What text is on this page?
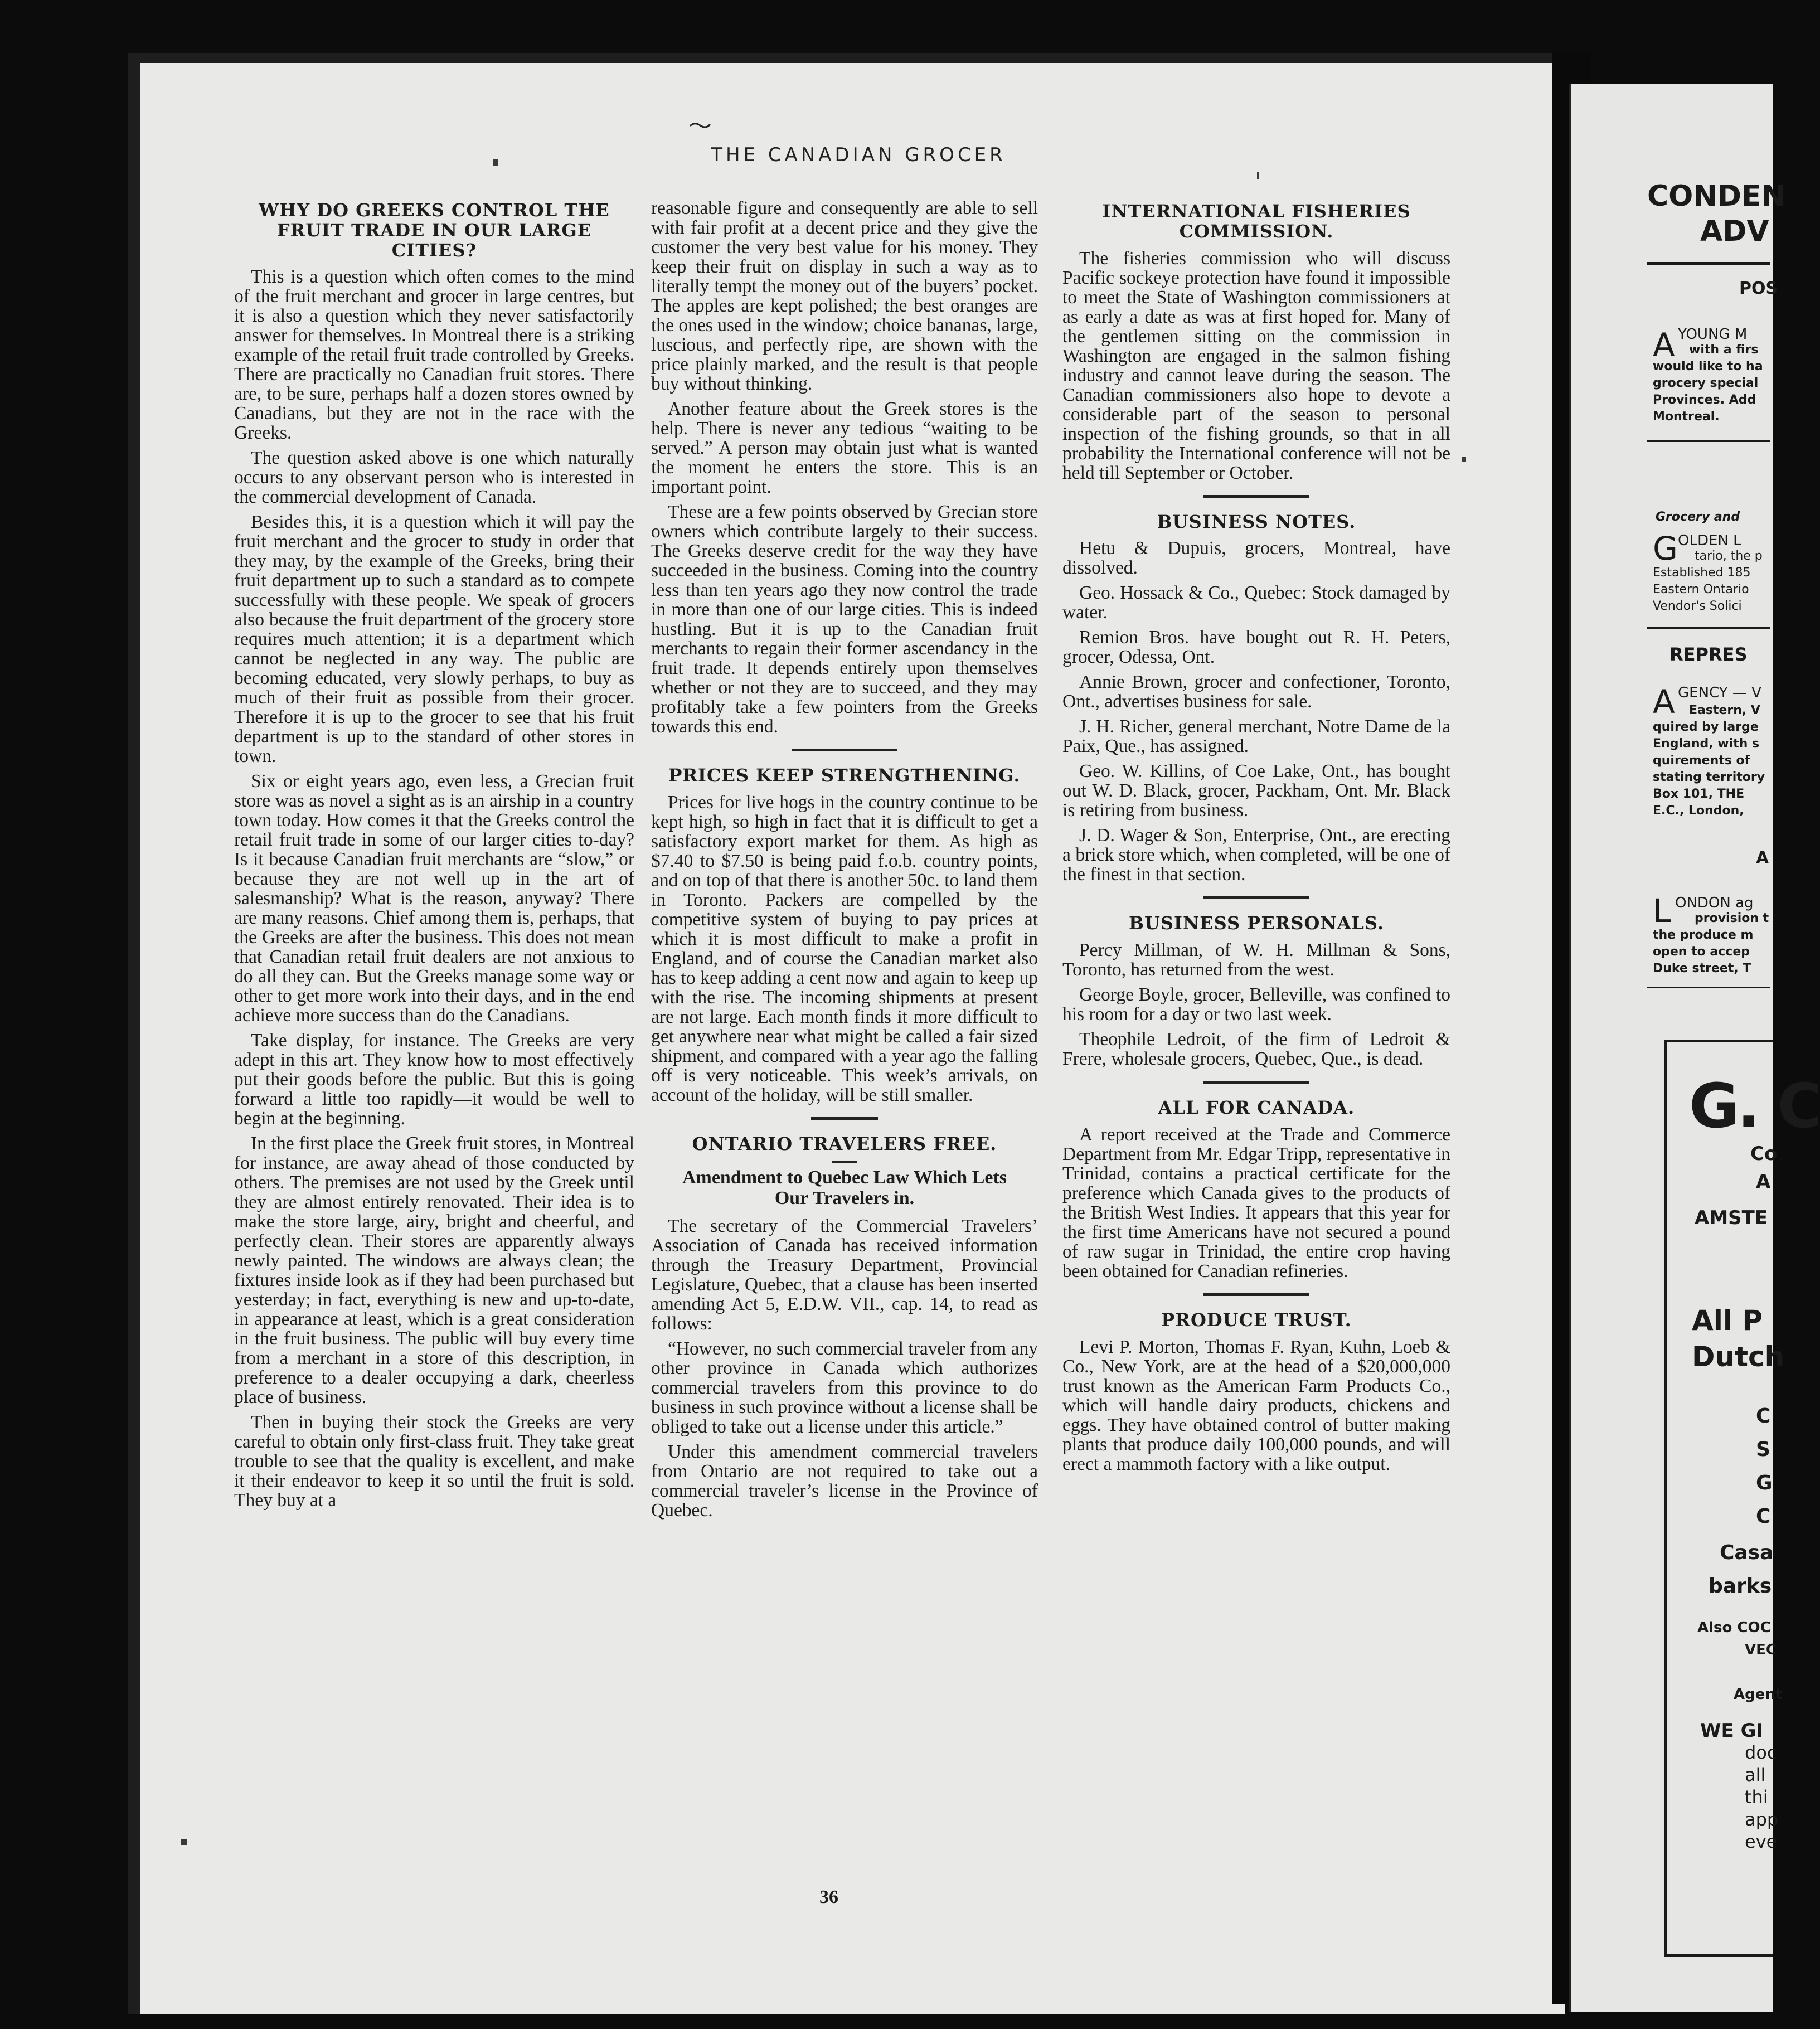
THE CANADIAN GROCER
WHY DO GREEKS CONTROL THE FRUIT TRADE IN OUR LARGE CITIES?

This is a question which often comes to the mind of the fruit merchant and grocer in large centres, but it is also a question which they never satisfactorily answer for themselves. In Montreal there is a striking example of the retail fruit trade controlled by Greeks. There are practically no Canadian fruit stores. There are, to be sure, perhaps half a dozen stores owned by Canadians, but they are not in the race with the Greeks.

The question asked above is one which naturally occurs to any observant person who is interested in the commercial development of Canada.

Besides this, it is a question which it will pay the fruit merchant and the grocer to study in order that they may, by the example of the Greeks, bring their fruit department up to such a standard as to compete successfully with these people. We speak of grocers also because the fruit department of the grocery store requires much attention; it is a department which cannot be neglected in any way. The public are becoming educated, very slowly perhaps, to buy as much of their fruit as possible from their grocer. Therefore it is up to the grocer to see that his fruit department is up to the standard of other stores in town.

Six or eight years ago, even less, a Grecian fruit store was as novel a sight as is an airship in a country town today. How comes it that the Greeks control the retail fruit trade in some of our larger cities to-day? Is it because Canadian fruit merchants are “slow,” or because they are not well up in the art of salesmanship? What is the reason, anyway? There are many reasons. Chief among them is, perhaps, that the Greeks are after the business. This does not mean that Canadian retail fruit dealers are not anxious to do all they can. But the Greeks manage some way or other to get more work into their days, and in the end achieve more success than do the Canadians.

Take display, for instance. The Greeks are very adept in this art. They know how to most effectively put their goods before the public. But this is going forward a little too rapidly—it would be well to begin at the beginning.

In the first place the Greek fruit stores, in Montreal for instance, are away ahead of those conducted by others. The premises are not used by the Greek until they are almost entirely renovated. Their idea is to make the store large, airy, bright and cheerful, and perfectly clean. Their stores are apparently always newly painted. The windows are always clean; the fixtures inside look as if they had been purchased but yesterday; in fact, everything is new and up-to-date, in appearance at least, which is a great consideration in the fruit business. The public will buy every time from a merchant in a store of this description, in preference to a dealer occupying a dark, cheerless place of business.

Then in buying their stock the Greeks are very careful to obtain only first-class fruit. They take great trouble to see that the quality is excellent, and make it their endeavor to keep it so until the fruit is sold. They buy at a

reasonable figure and consequently are able to sell with fair profit at a decent price and they give the customer the very best value for his money. They keep their fruit on display in such a way as to literally tempt the money out of the buyers’ pocket. The apples are kept polished; the best oranges are the ones used in the window; choice bananas, large, luscious, and perfectly ripe, are shown with the price plainly marked, and the result is that people buy without thinking.

Another feature about the Greek stores is the help. There is never any tedious “waiting to be served.” A person may obtain just what is wanted the moment he enters the store. This is an important point.

These are a few points observed by Grecian store owners which contribute largely to their success. The Greeks deserve credit for the way they have succeeded in the business. Coming into the country less than ten years ago they now control the trade in more than one of our large cities. This is indeed hustling. But it is up to the Canadian fruit merchants to regain their former ascendancy in the fruit trade. It depends entirely upon themselves whether or not they are to succeed, and they may profitably take a few pointers from the Greeks towards this end.

PRICES KEEP STRENGTHENING.

Prices for live hogs in the country continue to be kept high, so high in fact that it is difficult to get a satisfactory export market for them. As high as $7.40 to $7.50 is being paid f.o.b. country points, and on top of that there is another 50c. to land them in Toronto. Packers are compelled by the competitive system of buying to pay prices at which it is most difficult to make a profit in England, and of course the Canadian market also has to keep adding a cent now and again to keep up with the rise. The incoming shipments at present are not large. Each month finds it more difficult to get anywhere near what might be called a fair sized shipment, and compared with a year ago the falling off is very noticeable. This week’s arrivals, on account of the holiday, will be still smaller.

ONTARIO TRAVELERS FREE.
Amendment to Quebec Law Which Lets Our Travelers in.

The secretary of the Commercial Travelers’ Association of Canada has received information through the Treasury Department, Provincial Legislature, Quebec, that a clause has been inserted amending Act 5, E.D.W. VII., cap. 14, to read as follows:

“However, no such commercial traveler from any other province in Canada which authorizes commercial travelers from this province to do business in such province without a license shall be obliged to take out a license under this article.”

Under this amendment commercial travelers from Ontario are not required to take out a commercial traveler’s license in the Province of Quebec.

INTERNATIONAL FISHERIES COMMISSION.

The fisheries commission who will discuss Pacific sockeye protection have found it impossible to meet the State of Washington commissioners at as early a date as was at first hoped for. Many of the gentlemen sitting on the commission in Washington are engaged in the salmon fishing industry and cannot leave during the season. The Canadian commissioners also hope to devote a considerable part of the season to personal inspection of the fishing grounds, so that in all probability the International conference will not be held till September or October.

BUSINESS NOTES.

Hetu & Dupuis, grocers, Montreal, have dissolved.

Geo. Hossack & Co., Quebec: Stock damaged by water.

Remion Bros. have bought out R. H. Peters, grocer, Odessa, Ont.

Annie Brown, grocer and confectioner, Toronto, Ont., advertises business for sale.

J. H. Richer, general merchant, Notre Dame de la Paix, Que., has assigned.

Geo. W. Killins, of Coe Lake, Ont., has bought out W. D. Black, grocer, Packham, Ont. Mr. Black is retiring from business.

J. D. Wager & Son, Enterprise, Ont., are erecting a brick store which, when completed, will be one of the finest in that section.

BUSINESS PERSONALS.

Percy Millman, of W. H. Millman & Sons, Toronto, has returned from the west.

George Boyle, grocer, Belleville, was confined to his room for a day or two last week.

Theophile Ledroit, of the firm of Ledroit & Frere, wholesale grocers, Quebec, Que., is dead.

ALL FOR CANADA.

A report received at the Trade and Commerce Department from Mr. Edgar Tripp, representative in Trinidad, contains a practical certificate for the preference which Canada gives to the products of the British West Indies. It appears that this year for the first time Americans have not secured a pound of raw sugar in Trinidad, the entire crop having been obtained for Canadian refineries.

PRODUCE TRUST.

Levi P. Morton, Thomas F. Ryan, Kuhn, Loeb & Co., New York, are at the head of a $20,000,000 trust known as the American Farm Products Co., which will handle dairy products, chickens and eggs. They have obtained control of butter making plants that produce daily 100,000 pounds, and will erect a mammoth factory with a like output.

36
CONDEN
ADV
POS
A YOUNG M
with a firs
would like to ha
grocery special
Provinces. Add
Montreal.
Grocery and
G OLDEN L
tario, the p
Established 185
Eastern Ontario
Vendor's Solici
REPRES
A GENCY — V
Eastern, V
quired by large
England, with s
quirements of
stating territory
Box 101, THE
E.C., London,
A
L ONDON ag
provision t
the produce m
open to accep
Duke street, T
G. C
Co
A
AMSTE
All P
Dutch
C
S
G
C
Casa
barks
Also COC
VEC
Agent
WE GI
doc
all
thi
app
eve
